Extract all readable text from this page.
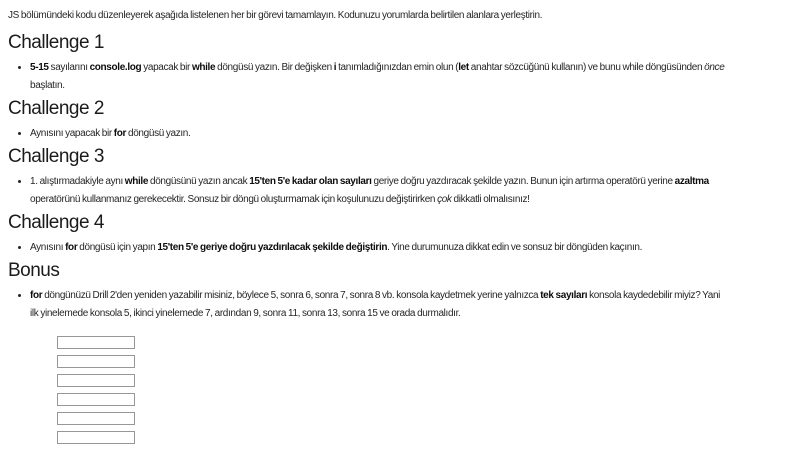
JS bölümündeki kodu düzenleyerek aşağıda listelenen her bir görevi tamamlayın. Kodunuzu yorumlarda belirtilen alanlara yerleştirin.

Challenge 1
• 5-15 sayılarını console.log yapacak bir while döngüsü yazın. Bir değişken i tanımladığınızdan emin olun (let anahtar sözcüğünü kullanın) ve bunu while döngüsünden önce
başlatın.
Challenge 2
• Aynısını yapacak bir for döngüsü yazın.
Challenge 3
• 1. alıştırmadakiyle aynı while döngüsünü yazın ancak 15'ten 5'e kadar olan sayıları geriye doğru yazdıracak şekilde yazın. Bunun için artırma operatörü yerine azaltma
operatörünü kullanmanız gerekecektir. Sonsuz bir döngü oluşturmamak için koşulunuzu değiştirirken çok dikkatli olmalısınız!
Challenge 4
• Aynısını for döngüsü için yapın 15'ten 5'e geriye doğru yazdırılacak şekilde değiştirin. Yine durumunuza dikkat edin ve sonsuz bir döngüden kaçının.
Bonus
• for döngünüzü Drill 2'den yeniden yazabilir misiniz, böylece 5, sonra 6, sonra 7, sonra 8 vb. konsola kaydetmek yerine yalnızca tek sayıları konsola kaydedebilir miyiz? Yani
ilk yinelemede konsola 5, ikinci yinelemede 7, ardından 9, sonra 11, sonra 13, sonra 15 ve orada durmalıdır.
